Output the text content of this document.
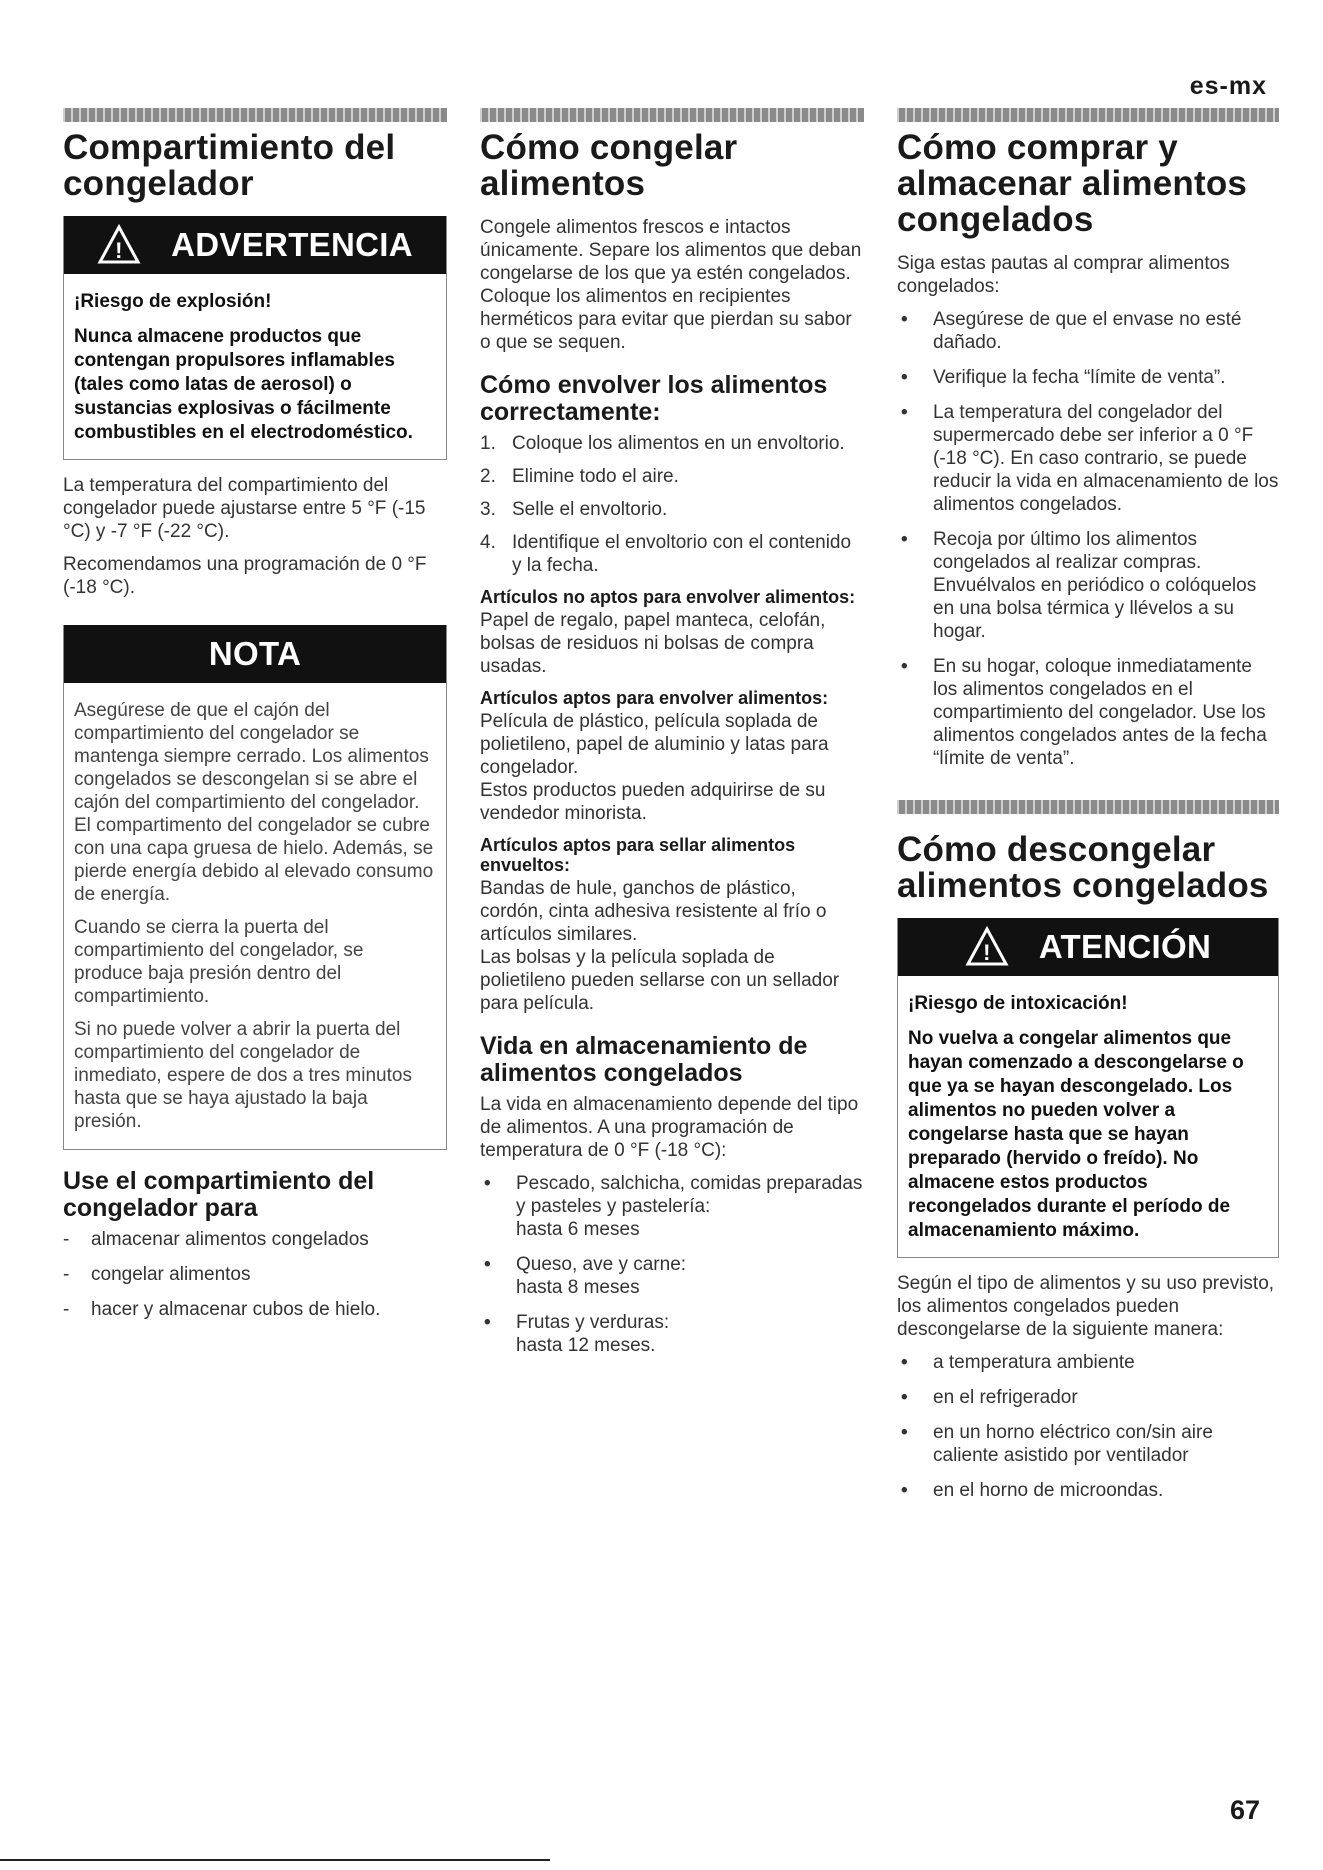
es-mx
Compartimiento del congelador
! ADVERTENCIA
¡Riesgo de explosión!
Nunca almacene productos que contengan propulsores inflamables (tales como latas de aerosol) o sustancias explosivas o fácilmente combustibles en el electrodoméstico.

La temperatura del compartimiento del congelador puede ajustarse entre 5 °F (-15 °C) y -7 °F (-22 °C).

Recomendamos una programación de 0 °F (-18 °C).

NOTA

Asegúrese de que el cajón del compartimiento del congelador se mantenga siempre cerrado. Los alimentos congelados se descongelan si se abre el cajón del compartimiento del congelador. El compartimento del congelador se cubre con una capa gruesa de hielo. Además, se pierde energía debido al elevado consumo de energía.

Cuando se cierra la puerta del compartimiento del congelador, se produce baja presión dentro del compartimiento.

Si no puede volver a abrir la puerta del compartimiento del congelador de inmediato, espere de dos a tres minutos hasta que se haya ajustado la baja presión.

Use el compartimiento del congelador para
-	almacenar alimentos congelados
-	congelar alimentos
-	hacer y almacenar cubos de hielo.
Cómo congelar alimentos

Congele alimentos frescos e intactos únicamente. Separe los alimentos que deban congelarse de los que ya estén congelados. Coloque los alimentos en recipientes herméticos para evitar que pierdan su sabor o que se sequen.

Cómo envolver los alimentos correctamente:
1. Coloque los alimentos en un envoltorio.
2. Elimine todo el aire.
3. Selle el envoltorio.
4. Identifique el envoltorio con el contenido y la fecha.
Artículos no aptos para envolver alimentos:

Papel de regalo, papel manteca, celofán, bolsas de residuos ni bolsas de compra usadas.

Artículos aptos para envolver alimentos:

Película de plástico, película soplada de polietileno, papel de aluminio y latas para congelador.

Estos productos pueden adquirirse de su vendedor minorista.

Artículos aptos para sellar alimentos envueltos:

Bandas de hule, ganchos de plástico, cordón, cinta adhesiva resistente al frío o artículos similares.

Las bolsas y la película soplada de polietileno pueden sellarse con un sellador para película.

Vida en almacenamiento de alimentos congelados

La vida en almacenamiento depende del tipo de alimentos. A una programación de temperatura de 0 °F (-18 °C):

•	Pescado, salchicha, comidas preparadas y pasteles y pastelería:
hasta 6 meses
•	Queso, ave y carne:
hasta 8 meses
•	Frutas y verduras:
hasta 12 meses.
Cómo comprar y almacenar alimentos congelados

Siga estas pautas al comprar alimentos congelados:

•	Asegúrese de que el envase no esté dañado.
•	Verifique la fecha “límite de venta”.
•	La temperatura del congelador del supermercado debe ser inferior a 0 °F (-18 °C). En caso contrario, se puede reducir la vida en almacenamiento de los alimentos congelados.
•	Recoja por último los alimentos congelados al realizar compras. Envuélvalos en periódico o colóquelos en una bolsa térmica y llévelos a su hogar.
•	En su hogar, coloque inmediatamente los alimentos congelados en el compartimiento del congelador. Use los alimentos congelados antes de la fecha “límite de venta”.
Cómo descongelar alimentos congelados
! ATENCIÓN
¡Riesgo de intoxicación!
No vuelva a congelar alimentos que hayan comenzado a descongelarse o que ya se hayan descongelado. Los alimentos no pueden volver a congelarse hasta que se hayan preparado (hervido o freído). No almacene estos productos recongelados durante el período de almacenamiento máximo.

Según el tipo de alimentos y su uso previsto, los alimentos congelados pueden descongelarse de la siguiente manera:

•	a temperatura ambiente
•	en el refrigerador
•	en un horno eléctrico con/sin aire caliente asistido por ventilador
•	en el horno de microondas.
67
